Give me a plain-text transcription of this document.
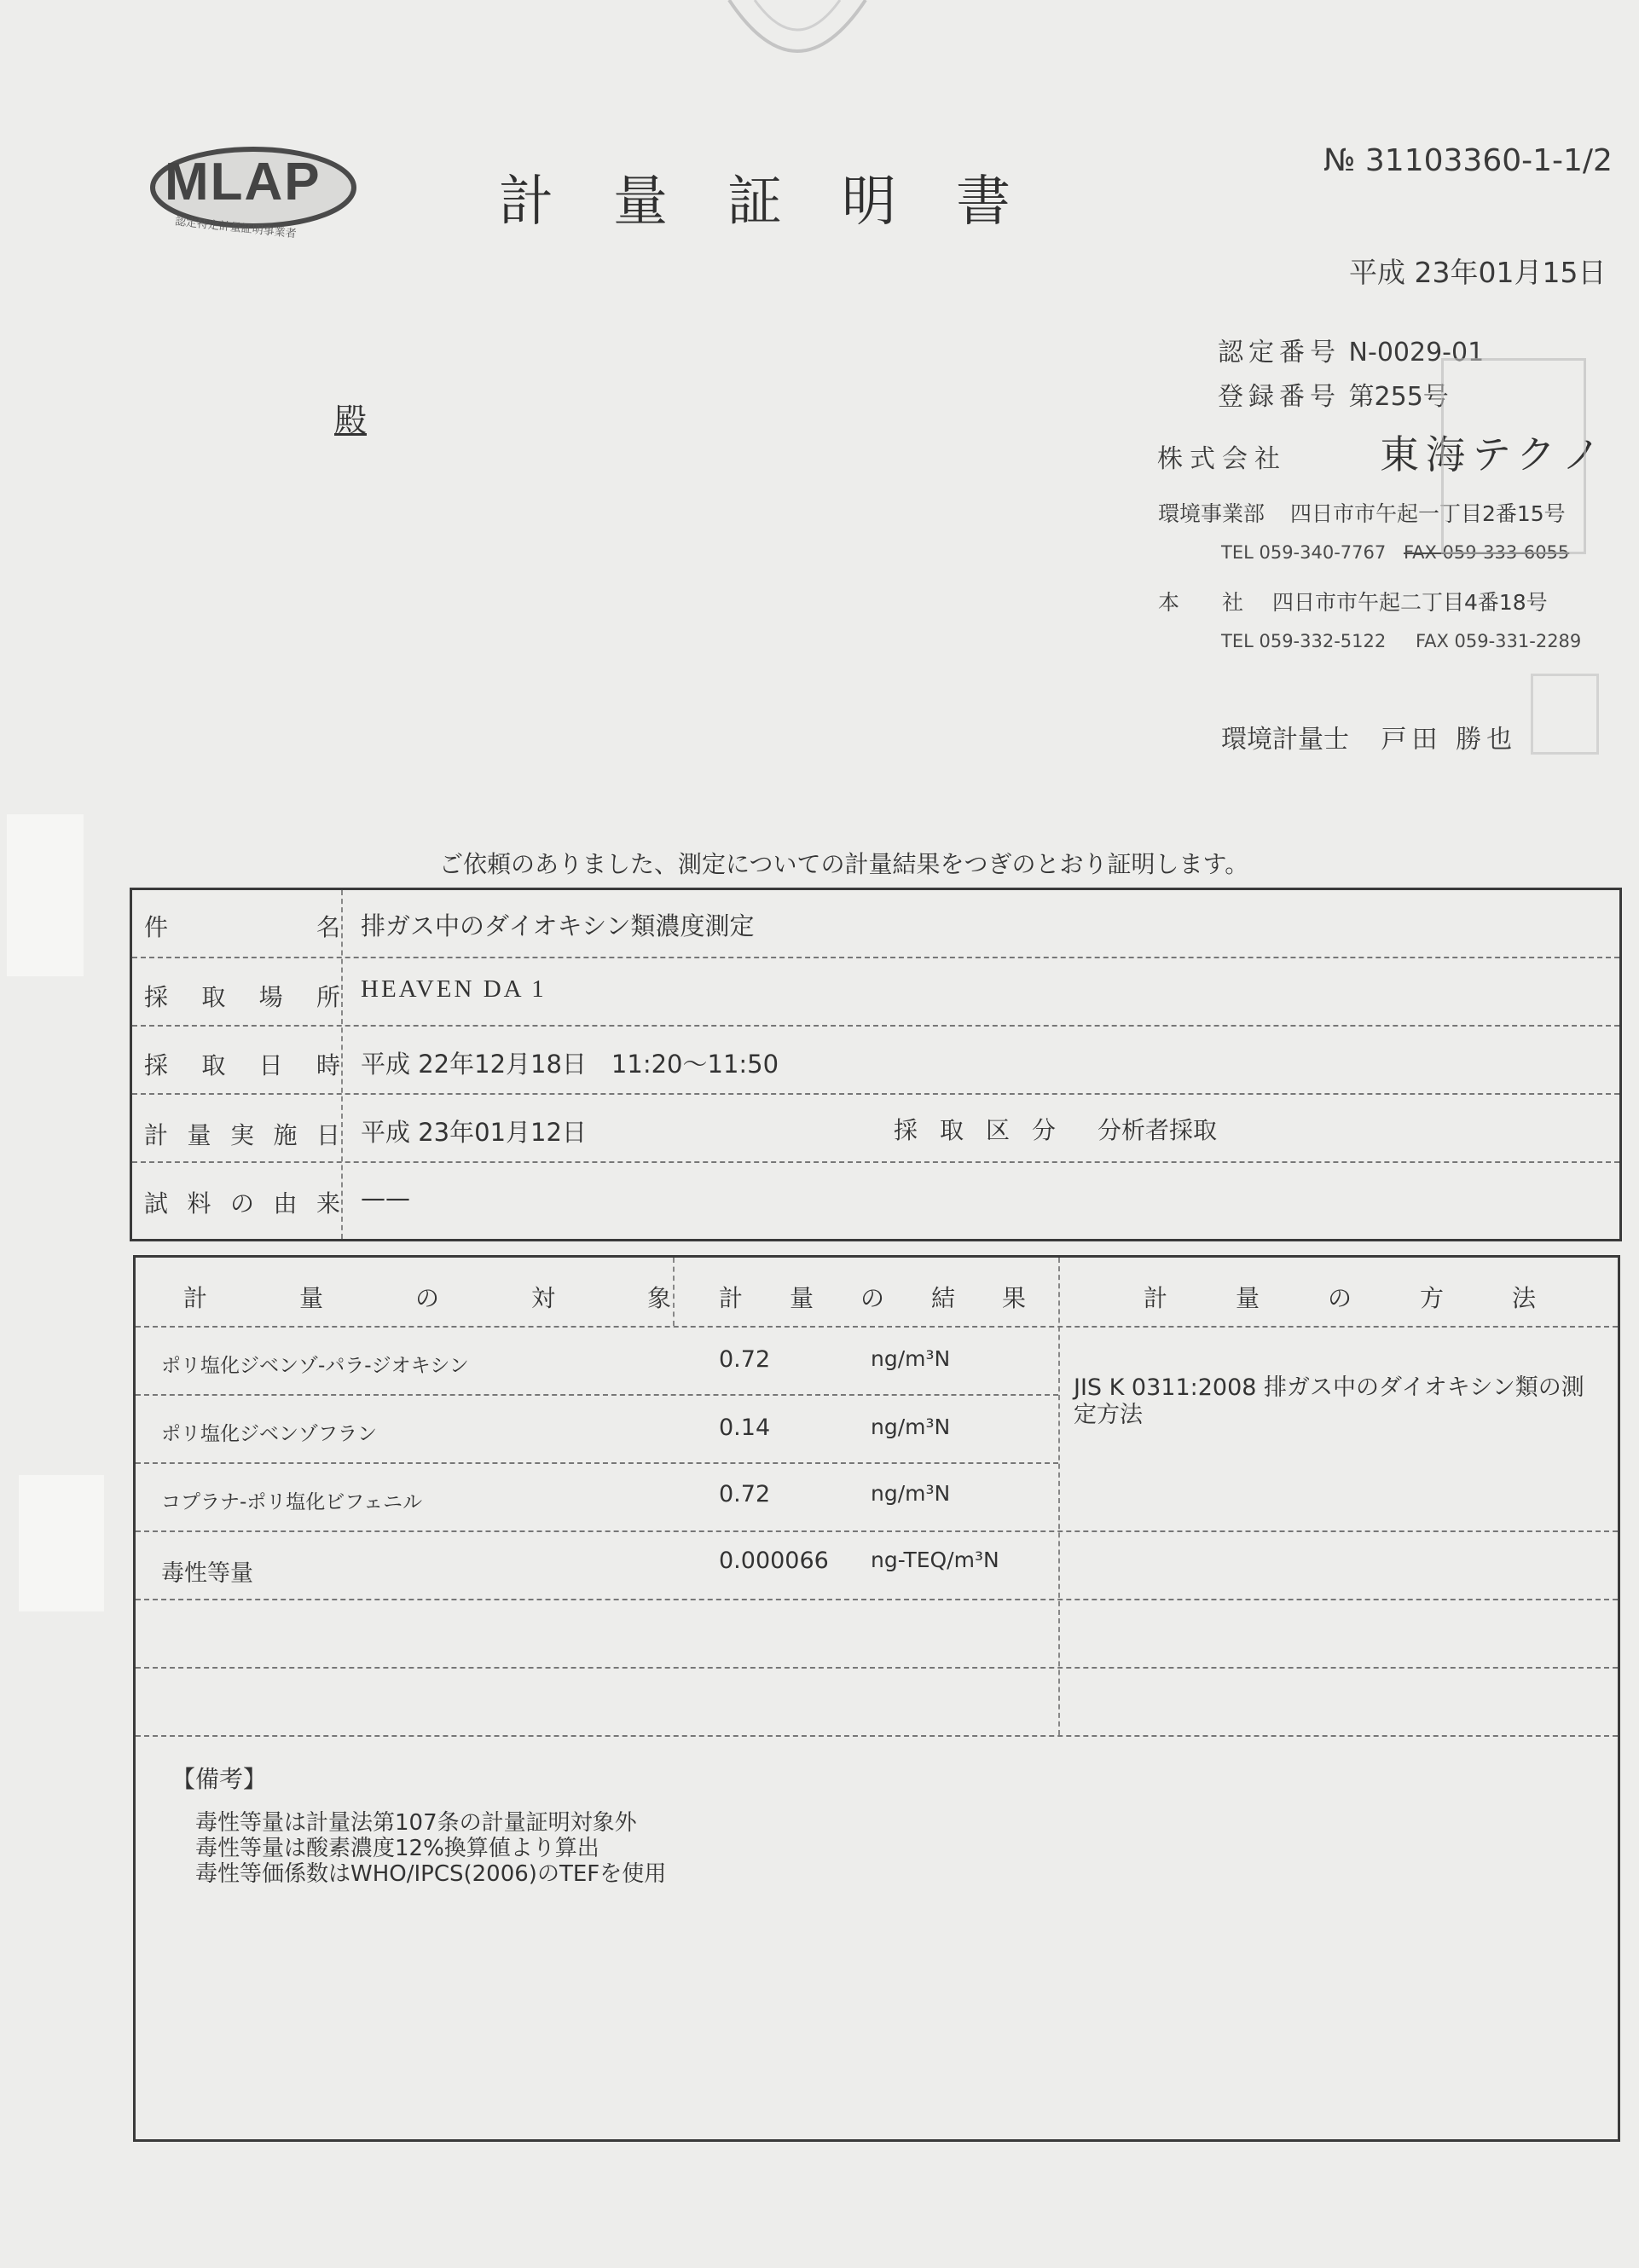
MLAP
認定特定計量証明事業者	計量証明書
№ 31103360-1-1/2
平成 23年01月15日
認定番号 N-0029-01
登録番号 第255号
株式会社 東海テクノ
環境事業部 四日市市午起一丁目2番15号
TEL 059-340-7767 FAX 059-333-6055
本　　社 四日市市午起二丁目4番18号
TEL 059-332-5122 FAX 059-331-2289
環境計量士 戸田 勝也
殿
ご依頼のありました、測定についての計量結果をつぎのとおり証明します。
件名 排ガス中のダイオキシン類濃度測定
採取場所 HEAVEN DA 1
採取日時 平成 22年12月18日　11:20～11:50
計量実施日 平成 23年01月12日	採取区分 分析者採取
試料の由来 ——
計量の対象 計量の結果	計量の方法
ポリ塩化ジベンゾ-パラ-ジオキシン	0.72	ng/m³N
ポリ塩化ジベンゾフラン	0.14	ng/m³N
コプラナ-ポリ塩化ビフェニル	0.72	ng/m³N
毒性等量	0.000066 ng-TEQ/m³N
JIS K 0311:2008 排ガス中のダイオキシン類の測定方法
【備考】
毒性等量は計量法第107条の計量証明対象外
毒性等量は酸素濃度12%換算値より算出
毒性等価係数はWHO/IPCS(2006)のTEFを使用
